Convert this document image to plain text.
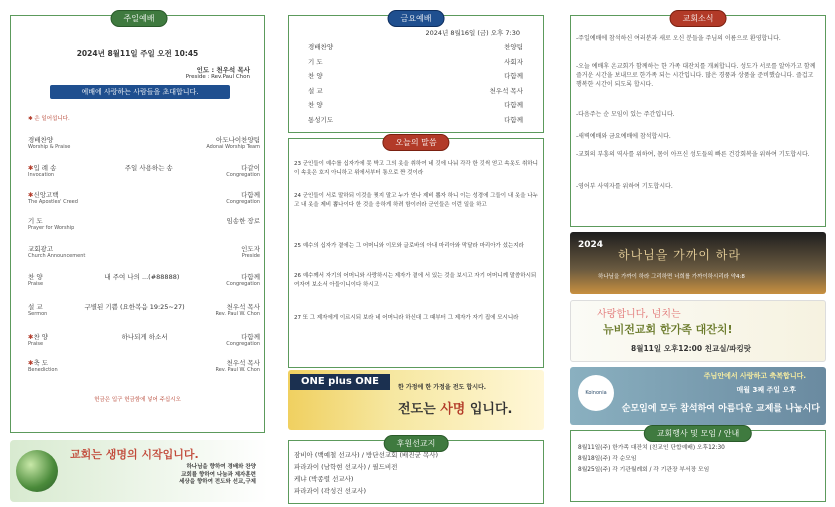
주일예배
2024년 8월11일 주일 오전 10:45
인도 : 천우석 목사
Preside : Rev.Paul Chon
예배에 사랑하는 사람들을 초대합니다.
✱ 은 일어섭니다.
경배찬양	아도나이찬양팀
Worship & Praise	Adonai Worship Team
✱입 례 송	주일 사용하는 송	다같이
Invocation	Congregation
✱신앙고백	다함께
The Apostles' Creed	Congregation
기 도	임송한 장로
Prayer for Worship
교회광고	인도자
Church Announcement	Preside
찬 양	내 주여 나의 ...(#88888)	다함께
Praise	Congregation
설 교	구별된 기쁨 (요한복음 19:25~27)	천우석 목사
Sermon	Rev. Paul W. Chon
✱찬 양	하나되게 하소서	다함께
Praise	Congregation
✱축 도	천우석 목사
Benediction	Rev. Paul W. Chon
헌금은 입구 헌금함에 넣어 주십시오
교회는 생명의 시작입니다.
하나님을 향하여 경배와 찬양
교회를 향하여 나눔과 제자훈련
세상을 향하여 전도와 선교,구제
금요예배
2024년 8월16일 (금) 오후 7:30
경배찬양	찬양팀
기 도	사회자
찬 양	다함께
설 교	천우석 목사
찬 양	다함께
통성기도	다함께
오늘의 말씀
23 군인들이 예수를 십자가에 못 박고 그의 옷을 취하여 네 깃에 나눠 각각 한 깃씩 얻고 속옷도 취하니 이 속옷은 호지 아니하고 위에서부터 통으로 짠 것이라
24 군인들이 서로 말하되 이것을 찢지 말고 누가 얻나 제비 뽑자 하니 이는 성경에 그들이 내 옷을 나누고 내 옷을 제비 뽑나이다 한 것을 응하게 하려 함이러라 군인들은 이런 일을 하고
25 예수의 십자가 곁에는 그 어머니와 이모와 글로바의 아내 마리아와 막달라 마리아가 섰는지라
26 예수께서 자기의 어머니와 사랑하시는 제자가 곁에 서 있는 것을 보시고 자기 어머니께 말씀하시되 여자여 보소서 아들이니이다 하시고
27 또 그 제자에게 이르시되 보라 네 어머니라 하신대 그 때부터 그 제자가 자기 집에 모시니라
ONE plus ONE
한 가정에 한 가정을 전도 합시다.
전도는 사명 입니다.
후원선교지
잠비아 (백예철 선교사) / 방단선교회 (배진균 목사)
파라과이 (남학현 선교사) / 필드비전
케냐 (박종렬 선교사)
파라과이 (곽성건 선교사)
교회소식
-주일예배에 참석하신 여러분과 새로 오신 분들을 주님의 이름으로 환영합니다.
-오늘 예배후 온교회가 함께하는 한 가족 대잔치를 개최합니다. 성도가 서로를 알아가고 함께 즐거운 시간을 보내므로 한가족 되는 시간입니다. 많은 경품과 상품을 준비했습니다. 즐겁고 행복한 시간이 되도록 합시다.
-다음주는 순 모임이 있는 주간입니다.
-새벽예배와 금요예배에 참석합시다.
-교회의 부흥의 역사를 위하여, 몸이 아프신 성도들의 빠른 건강회복을 위하여 기도합시다.
-영어부 사역자를 위하여 기도합시다.
2024
하나님을 가까이 하라
하나님을 가까이 하라 그리하면 너희를 가까이하시리라 약4:8
사랑합니다, 넘치는
뉴비전교회 한가족 대잔치!
8월11일 오후12:00 친교실/파킹랏
Koinonia
주님안에서 사랑하고 축복합니다.
매월 3째 주일 오후
순모임에 모두 참석하여 아름다운 교제를 나눕시다
교회행사 및 모임 / 안내
8월11일(주) 한가족 대잔치 (친교인 단합예배) 오후12:30
8월18일(주) 각 순모임
8월25일(주) 각 기관월례회 / 각 기관장 부서장 모임
